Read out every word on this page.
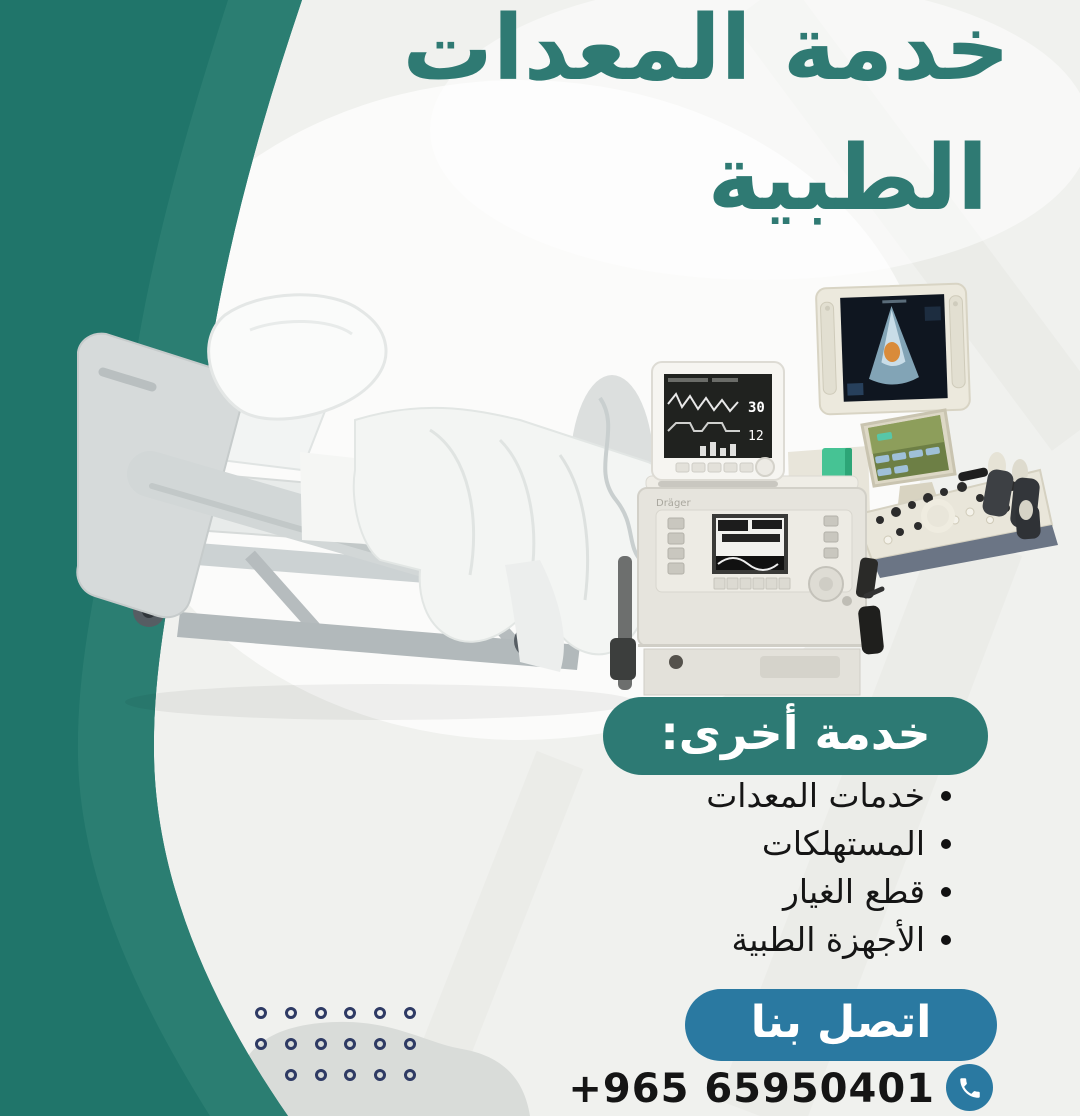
Dräger
30
12
خدمة المعدات
الطبية
خدمة أخرى:
خدمات المعدات
المستهلكات
قطع الغيار
الأجهزة الطبية
اتصل بنا
+965 65950401
